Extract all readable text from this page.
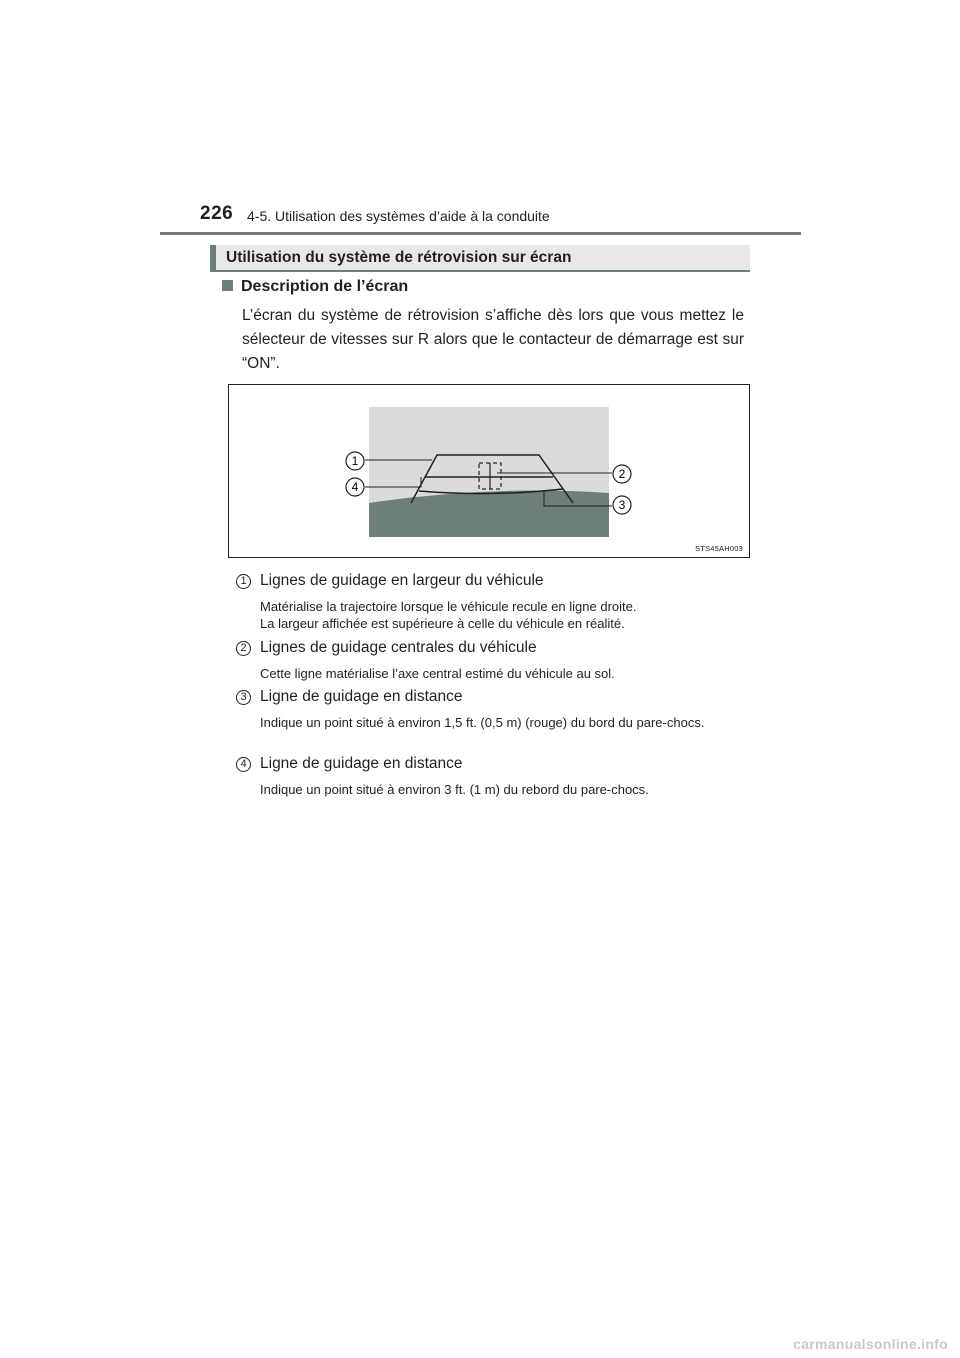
226 4-5. Utilisation des systèmes d’aide à la conduite
Utilisation du système de rétrovision sur écran
Description de l’écran
L’écran du système de rétrovision s’affiche dès lors que vous mettez le sélecteur de vitesses sur R alors que le contacteur de démarrage est sur “ON”.
1
2
3
4
STS45AH003
1 Lignes de guidage en largeur du véhicule
Matérialise la trajectoire lorsque le véhicule recule en ligne droite.
La largeur affichée est supérieure à celle du véhicule en réalité.
2 Lignes de guidage centrales du véhicule
Cette ligne matérialise l’axe central estimé du véhicule au sol.
3 Ligne de guidage en distance
Indique un point situé à environ 1,5 ft. (0,5 m) (rouge) du bord du pare-chocs.
4 Ligne de guidage en distance
Indique un point situé à environ 3 ft. (1 m) du rebord du pare-chocs.
carmanualsonline.info
